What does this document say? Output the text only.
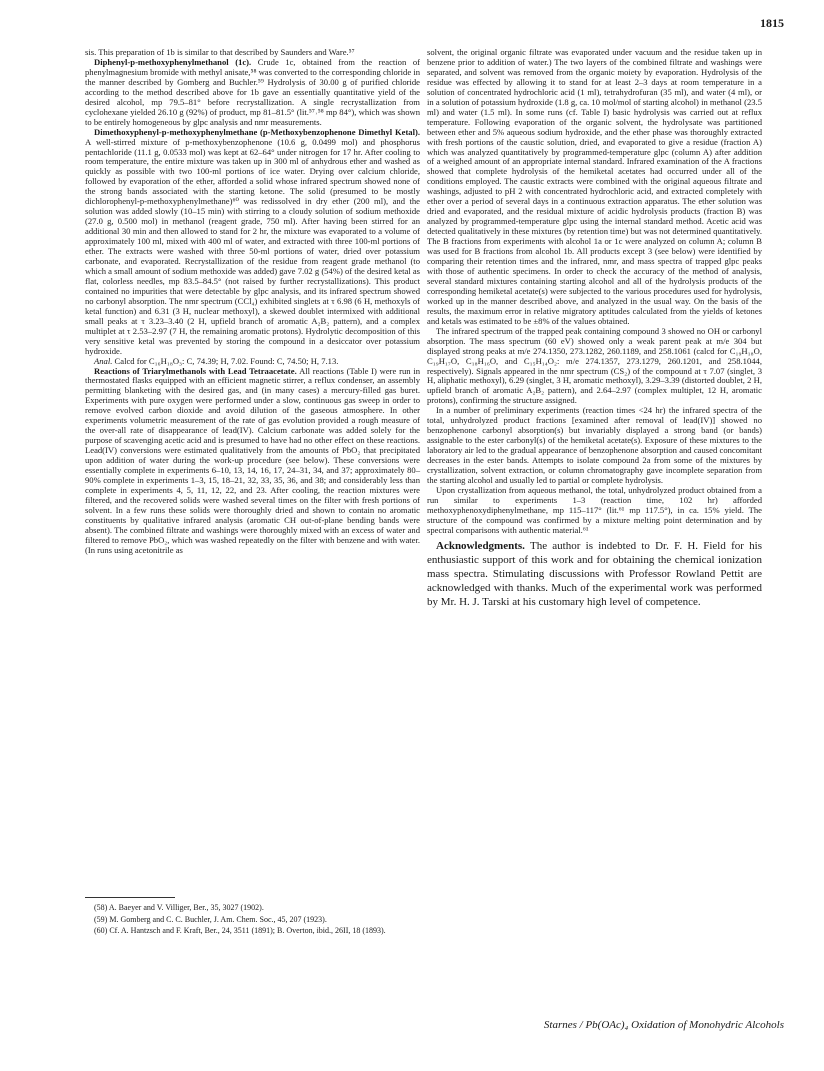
1815

sis. This preparation of 1b is similar to that described by Saunders and Ware.⁵⁷

Diphenyl-p-methoxyphenylmethanol (1c). Crude 1c, obtained from the reaction of phenylmagnesium bromide with methyl anisate,⁵⁸ was converted to the corresponding chloride in the manner described by Gomberg and Buchler.⁵⁹ Hydrolysis of 30.00 g of purified chloride according to the method described above for 1b gave an essentially quantitative yield of the desired alcohol, mp 79.5–81° before recrystallization. A single recrystallization from cyclohexane yielded 26.10 g (92%) of product, mp 81–81.5° (lit.⁵⁷˒⁵⁸ mp 84°), which was shown to be entirely homogeneous by glpc analysis and nmr measurements.

Dimethoxyphenyl-p-methoxyphenylmethane (p-Methoxybenzophenone Dimethyl Ketal). A well-stirred mixture of p-methoxybenzophenone (10.6 g, 0.0499 mol) and phosphorus pentachloride (11.1 g, 0.0533 mol) was kept at 62–64° under nitrogen for 17 hr. After cooling to room temperature, the entire mixture was taken up in 300 ml of anhydrous ether and washed as quickly as possible with two 100-ml portions of ice water. Drying over calcium chloride, followed by evaporation of the ether, afforded a solid whose infrared spectrum showed none of the strong bands associated with the starting ketone. The solid (presumed to be mostly dichlorophenyl-p-methoxyphenylmethane)⁶⁰ was redissolved in dry ether (200 ml), and the solution was added slowly (10–15 min) with stirring to a cloudy solution of sodium methoxide (27.0 g, 0.500 mol) in methanol (reagent grade, 750 ml). After having been stirred for an additional 30 min and then allowed to stand for 2 hr, the mixture was evaporated to a volume of approximately 100 ml, mixed with 400 ml of water, and extracted with three 100-ml portions of ether. The extracts were washed with three 50-ml portions of water, dried over potassium carbonate, and evaporated. Recrystallization of the residue from reagent grade methanol (to which a small amount of sodium methoxide was added) gave 7.02 g (54%) of the desired ketal as flat, colorless needles, mp 83.5–84.5° (not raised by further recrystallizations). This product contained no impurities that were detectable by glpc analysis, and its infrared spectrum showed no carbonyl absorption. The nmr spectrum (CCl₄) exhibited singlets at τ 6.98 (6 H, methoxyls of ketal function) and 6.31 (3 H, nuclear methoxyl), a skewed doublet intermixed with additional small peaks at τ 3.23–3.40 (2 H, upfield branch of aromatic A₂B₂ pattern), and a complex multiplet at τ 2.53–2.97 (7 H, the remaining aromatic protons). Hydrolytic decomposition of this very sensitive ketal was prevented by storing the compound in a desiccator over potassium hydroxide.

Anal. Calcd for C₁₆H₁₈O₃: C, 74.39; H, 7.02. Found: C, 74.50; H, 7.13.

Reactions of Triarylmethanols with Lead Tetraacetate. All reactions (Table I) were run in thermostated flasks equipped with an efficient magnetic stirrer, a reflux condenser, an assembly permitting blanketing with the desired gas, and (in many cases) a mercury-filled gas buret. Experiments with pure oxygen were performed under a slow, continuous gas sweep in order to remove evolved carbon dioxide and avoid dilution of the gaseous atmosphere. In other experiments volumetric measurement of the rate of gas evolution provided a rough measure of the over-all rate of disappearance of lead(IV). Calcium carbonate was added solely for the purpose of scavenging acetic acid and is presumed to have had no other effect on these reactions. Lead(IV) conversions were estimated qualitatively from the amounts of PbO₂ that precipitated upon addition of water during the work-up procedure (see below). These conversions were essentially complete in experiments 6–10, 13, 14, 16, 17, 24–31, 34, and 37; approximately 80–90% complete in experiments 1–3, 15, 18–21, 32, 33, 35, 36, and 38; and considerably less than complete in experiments 4, 5, 11, 12, 22, and 23. After cooling, the reaction mixtures were filtered, and the recovered solids were washed several times on the filter with fresh portions of solvent. In a few runs these solids were thoroughly dried and shown to contain no aromatic constituents by qualitative infrared analysis (aromatic CH out-of-plane bending bands were absent). The combined filtrate and washings were thoroughly mixed with an excess of water and filtered to remove PbO₂, which was washed repeatedly on the filter with benzene and with water. (In runs using acetonitrile as

solvent, the original organic filtrate was evaporated under vacuum and the residue taken up in benzene prior to addition of water.) The two layers of the combined filtrate and washings were separated, and solvent was removed from the organic moiety by evaporation. Hydrolysis of the residue was effected by allowing it to stand for at least 2–3 days at room temperature in a solution of concentrated hydrochloric acid (1 ml), tetrahydrofuran (35 ml), and water (4 ml), or in a solution of potassium hydroxide (1.8 g, ca. 10 mol/mol of starting alcohol) in methanol (23.5 ml) and water (1.5 ml). In some runs (cf. Table I) basic hydrolysis was carried out at reflux temperature. Following evaporation of the organic solvent, the hydrolysate was partitioned between ether and 5% aqueous sodium hydroxide, and the ether phase was thoroughly extracted with fresh portions of the caustic solution, dried, and evaporated to give a residue (fraction A) which was analyzed quantitatively by programmed-temperature glpc (column A) after addition of a weighed amount of an appropriate internal standard. Infrared examination of the A fractions showed that complete hydrolysis of the hemiketal acetates had occurred under all of the conditions employed. The caustic extracts were combined with the original aqueous filtrate and washings, adjusted to pH 2 with concentrated hydrochloric acid, and extracted completely with ether over a period of several days in a continuous extraction apparatus. The ether solution was dried and evaporated, and the residual mixture of acidic hydrolysis products (fraction B) was analyzed by programmed-temperature glpc using the internal standard method. Acetic acid was detected qualitatively in these mixtures (by retention time) but was not determined quantitatively. The B fractions from experiments with alcohol 1a or 1c were analyzed on column A; column B was used for B fractions from alcohol 1b. All products except 3 (see below) were identified by comparing their retention times and the infrared, nmr, and mass spectra of trapped glpc peaks with those of authentic specimens. In order to check the accuracy of the method of analysis, several standard mixtures containing starting alcohol and all of the hydrolysis products of the corresponding hemiketal acetate(s) were subjected to the various procedures used for hydrolysis, worked up in the manner described above, and analyzed in the usual way. On the basis of the results, the maximum error in relative migratory aptitudes calculated from the yields of ketones and ketals was estimated to be ±8% of the values obtained.

The infrared spectrum of the trapped peak containing compound 3 showed no OH or carbonyl absorption. The mass spectrum (60 eV) showed only a weak parent peak at m/e 304 but displayed strong peaks at m/e 274.1350, 273.1282, 260.1189, and 258.1061 (calcd for C₁₉H₁₈O, C₁₉H₁₇O, C₁₈H₁₆O, and C₁₅H₁₄O₂: m/e 274.1357, 273.1279, 260.1201, and 258.1044, respectively). Signals appeared in the nmr spectrum (CS₂) of the compound at τ 7.07 (singlet, 3 H, aliphatic methoxyl), 6.29 (singlet, 3 H, aromatic methoxyl), 3.29–3.39 (distorted doublet, 2 H, upfield branch of aromatic A₂B₂ pattern), and 2.64–2.97 (complex multiplet, 12 H, aromatic protons), confirming the structure assigned.

In a number of preliminary experiments (reaction times <24 hr) the infrared spectra of the total, unhydrolyzed product fractions [examined after removal of lead(IV)] showed no benzophenone carbonyl absorption(s) but invariably displayed a strong band (or bands) assignable to the ester carbonyl(s) of the hemiketal acetate(s). Exposure of these mixtures to the laboratory air led to the gradual appearance of benzophenone absorption and caused concomitant decreases in the ester bands. Attempts to isolate compound 2a from some of the mixtures by crystallization, solvent extraction, or column chromatography gave incomplete separation from the starting alcohol and usually led to partial or complete hydrolysis.

Upon crystallization from aqueous methanol, the total, unhydrolyzed product obtained from a run similar to experiments 1–3 (reaction time, 102 hr) afforded methoxyphenoxydiphenylmethane, mp 115–117° (lit.⁶¹ mp 117.5°), in ca. 15% yield. The structure of the compound was confirmed by a mixture melting point determination and by spectral comparisons with authentic material.⁶¹

Acknowledgments. The author is indebted to Dr. F. H. Field for his enthusiastic support of this work and for obtaining the chemical ionization mass spectra. Stimulating discussions with Professor Rowland Pettit are acknowledged with thanks. Much of the experimental work was performed by Mr. H. J. Tarski at his customary high level of competence.

(58) A. Baeyer and V. Villiger, Ber., 35, 3027 (1902).

(59) M. Gomberg and C. C. Buchler, J. Am. Chem. Soc., 45, 207 (1923).

(60) Cf. A. Hantzsch and F. Kraft, Ber., 24, 3511 (1891); B. Overton, ibid., 26II, 18 (1893).

Starnes / Pb(OAc)₄ Oxidation of Monohydric Alcohols
